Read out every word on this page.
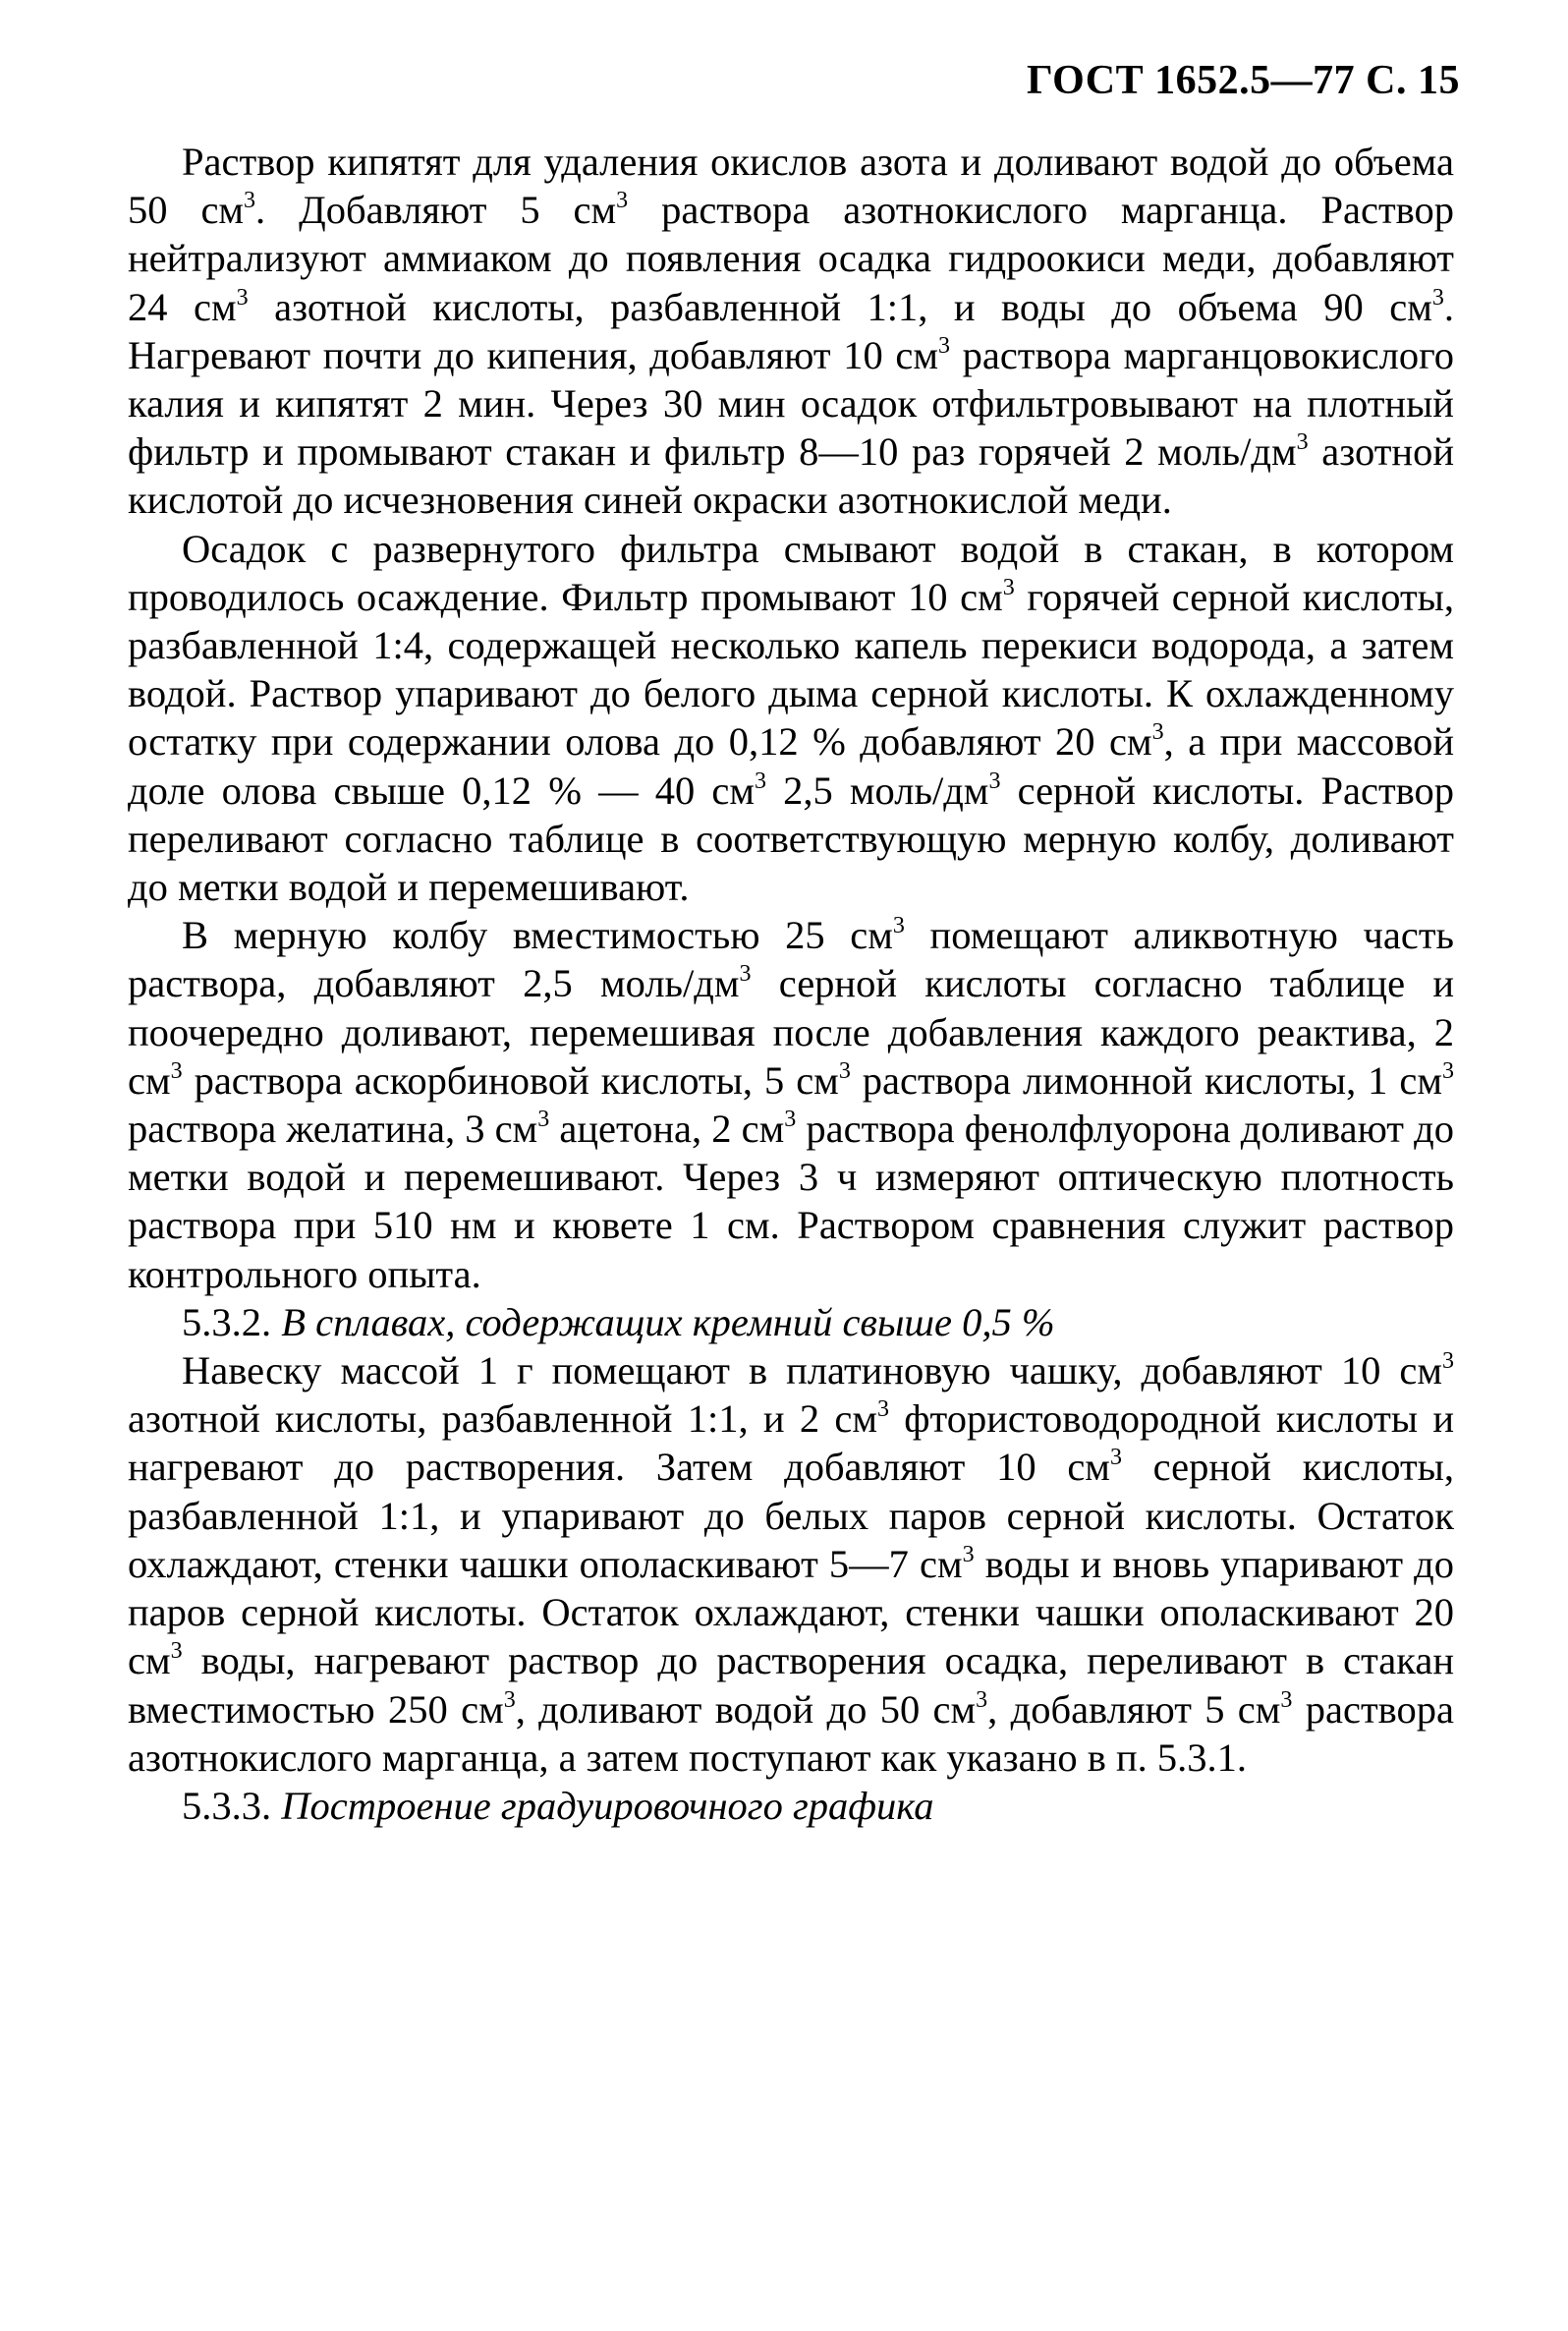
ГОСТ 1652.5—77 С. 15

Раствор кипятят для удаления окислов азота и доливают водой до объема 50 $см^3$. Добавляют 5 $см^3$ раствора азотнокислого марганца. Раствор нейтрализуют аммиаком до появления осадка гидроокиси меди, добавляют 24 $см^3$ азотной кислоты, разбавленной 1:1, и воды до объема 90 $см^3$. Нагревают почти до кипения, добавляют 10 $см^3$ раствора марганцовокислого калия и кипятят 2 мин. Через 30 мин осадок отфильтровывают на плотный фильтр и промывают стакан и фильтр 8—10 раз горячей 2 моль/$дм^3$ азотной кислотой до исчезновения синей окраски азотнокислой меди.

Осадок с развернутого фильтра смывают водой в стакан, в котором проводилось осаждение. Фильтр промывают 10 $см^3$ горячей серной кислоты, разбавленной 1:4, содержащей несколько капель перекиси водорода, а затем водой. Раствор упаривают до белого дыма серной кислоты. К охлажденному остатку при содержании олова до 0,12 % добавляют 20 $см^3$, а при массовой доле олова свыше 0,12 % — 40 $см^3$ 2,5 моль/$дм^3$ серной кислоты. Раствор переливают согласно таблице в соответствующую мерную колбу, доливают до метки водой и перемешивают.

В мерную колбу вместимостью 25 $см^3$ помещают аликвотную часть раствора, добавляют 2,5 моль/$дм^3$ серной кислоты согласно таблице и поочередно доливают, перемешивая после добавления каждого реактива, 2 $см^3$ раствора аскорбиновой кислоты, 5 $см^3$ раствора лимонной кислоты, 1 $см^3$ раствора желатина, 3 $см^3$ ацетона, 2 $см^3$ раствора фенолфлуорона доливают до метки водой и перемешивают. Через 3 ч измеряют оптическую плотность раствора при 510 нм и кювете 1 см. Раствором сравнения служит раствор контрольного опыта.

5.3.2. В сплавах, содержащих кремний свыше 0,5 %

Навеску массой 1 г помещают в платиновую чашку, добавляют 10 $см^3$ азотной кислоты, разбавленной 1:1, и 2 $см^3$ фтористоводородной кислоты и нагревают до растворения. Затем добавляют 10 $см^3$ серной кислоты, разбавленной 1:1, и упаривают до белых паров серной кислоты. Остаток охлаждают, стенки чашки ополаскивают 5—7 $см^3$ воды и вновь упаривают до паров серной кислоты. Остаток охлаждают, стенки чашки ополаскивают 20 $см^3$ воды, нагревают раствор до растворения осадка, переливают в стакан вместимостью 250 $см^3$, доливают водой до 50 $см^3$, добавляют 5 $см^3$ раствора азотнокислого марганца, а затем поступают как указано в п. 5.3.1.

5.3.3. Построение градуировочного графика
